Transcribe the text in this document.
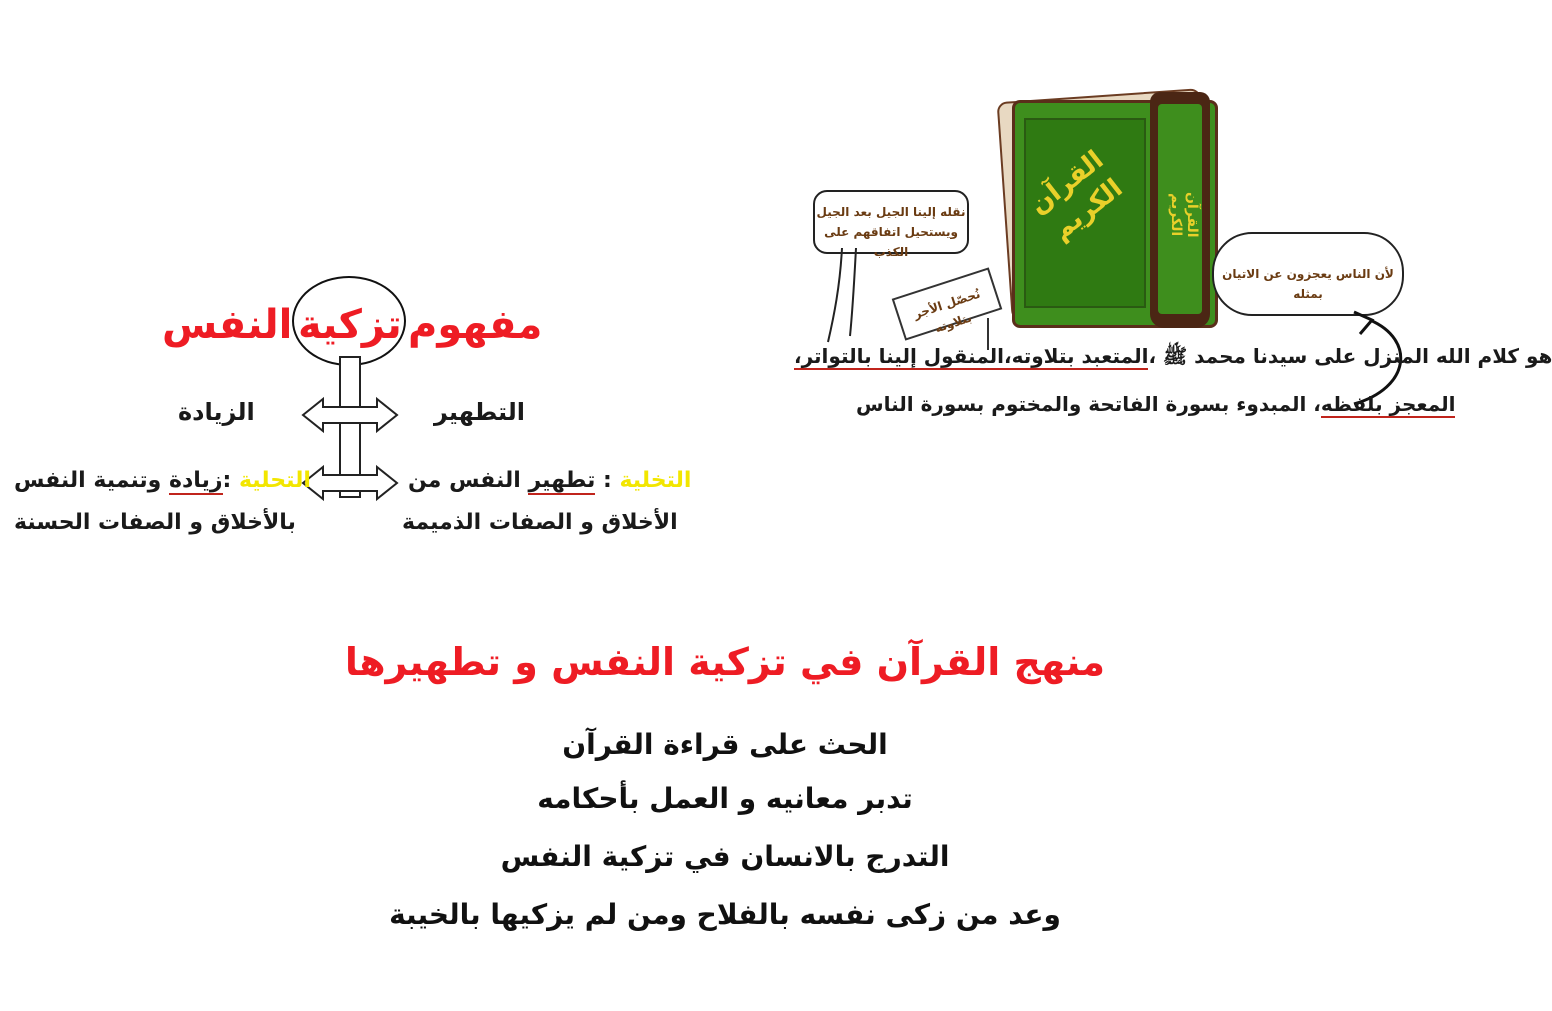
مفهوم
تزكية
النفس
التطهير
الزيادة
التخلية : تطهير النفس من
الأخلاق و الصفات الذميمة
التحلية :زيادة وتنمية النفس
بالأخلاق و الصفات الحسنة
القرآن الكريم	القرآن الكريم
نقله إلينا الجيل بعد الجيل
ويستحيل اتفاقهم على الكذب
لأن الناس يعجزون عن الاتيان بمثله
نُحصّل الأجر بتلاوته
هو كلام الله المنزل على سيدنا محمد ﷺ ،المتعبد بتلاوته،المنقول إلينا بالتواتر،
المعجز بلفظه، المبدوء بسورة الفاتحة والمختوم بسورة الناس
منهج القرآن في تزكية النفس و تطهيرها
الحث على قراءة القرآن
تدبر معانيه و العمل بأحكامه
التدرج بالانسان في تزكية النفس
وعد من زكى نفسه بالفلاح ومن لم يزكيها بالخيبة
